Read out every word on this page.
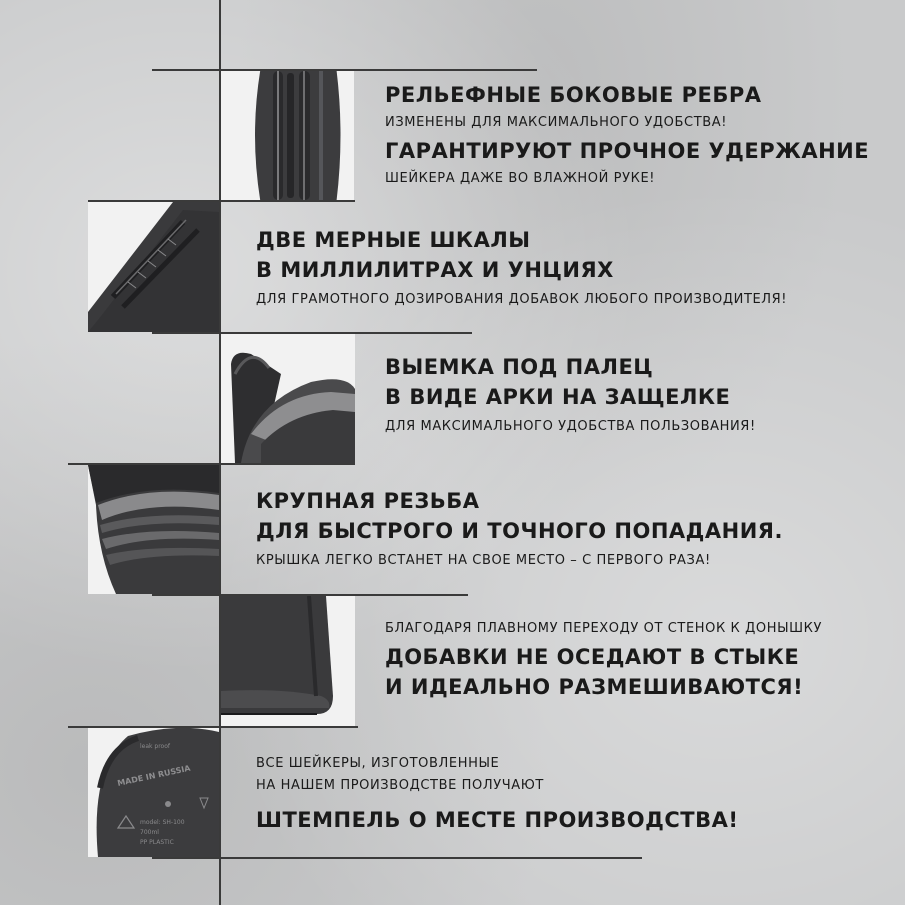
leak proof
MADE IN RUSSIA
model: SH-100
700ml
PP PLASTIC
РЕЛЬЕФНЫЕ БОКОВЫЕ РЕБРА
ИЗМЕНЕНЫ ДЛЯ МАКСИМАЛЬНОГО УДОБСТВА!
ГАРАНТИРУЮТ ПРОЧНОЕ УДЕРЖАНИЕ
ШЕЙКЕРА ДАЖЕ ВО ВЛАЖНОЙ РУКЕ!
ДВЕ МЕРНЫЕ ШКАЛЫ
В МИЛЛИЛИТРАХ И УНЦИЯХ
ДЛЯ ГРАМОТНОГО ДОЗИРОВАНИЯ ДОБАВОК ЛЮБОГО ПРОИЗВОДИТЕЛЯ!
ВЫЕМКА ПОД ПАЛЕЦ
В ВИДЕ АРКИ НА ЗАЩЕЛКЕ
ДЛЯ МАКСИМАЛЬНОГО УДОБСТВА ПОЛЬЗОВАНИЯ!
КРУПНАЯ РЕЗЬБА
ДЛЯ БЫСТРОГО И ТОЧНОГО ПОПАДАНИЯ.
КРЫШКА ЛЕГКО ВСТАНЕТ НА СВОЕ МЕСТО – С ПЕРВОГО РАЗА!
БЛАГОДАРЯ ПЛАВНОМУ ПЕРЕХОДУ ОТ СТЕНОК К ДОНЫШКУ
ДОБАВКИ НЕ ОСЕДАЮТ В СТЫКЕ
И ИДЕАЛЬНО РАЗМЕШИВАЮТСЯ!
ВСЕ ШЕЙКЕРЫ, ИЗГОТОВЛЕННЫЕ
НА НАШЕМ ПРОИЗВОДСТВЕ ПОЛУЧАЮТ
ШТЕМПЕЛЬ О МЕСТЕ ПРОИЗВОДСТВА!
